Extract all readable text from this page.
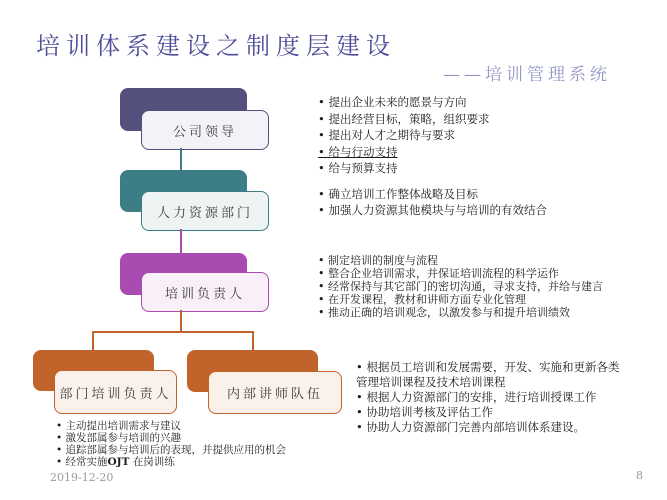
培训体系建设之制度层建设
——培训管理系统
公司领导
人力资源部门
培训负责人
部门培训负责人	内部讲师队伍
• 提出企业未来的愿景与方向
• 提出经营目标，策略，组织要求
• 提出对人才之期待与要求
• 给与行动支持
• 给与预算支持
• 确立培训工作整体战略及目标
• 加强人力资源其他模块与与培训的有效结合
• 制定培训的制度与流程
• 整合企业培训需求，并保证培训流程的科学运作
• 经常保持与其它部门的密切沟通，寻求支持，并给与建言
• 在开发课程，教材和讲师方面专业化管理
• 推动正确的培训观念，以激发参与和提升培训绩效
• 根据员工培训和发展需要，开发、实施和更新各类管理培训课程及技术培训课程
• 根据人力资源部门的安排，进行培训授课工作
• 协助培训考核及评估工作
• 协助人力资源部门完善内部培训体系建设。
• 主动提出培训需求与建议
• 激发部属参与培训的兴趣
• 追踪部属参与培训后的表现，并提供应用的机会
• 经常实施OJT 在岗训练
2019-12-20	8
